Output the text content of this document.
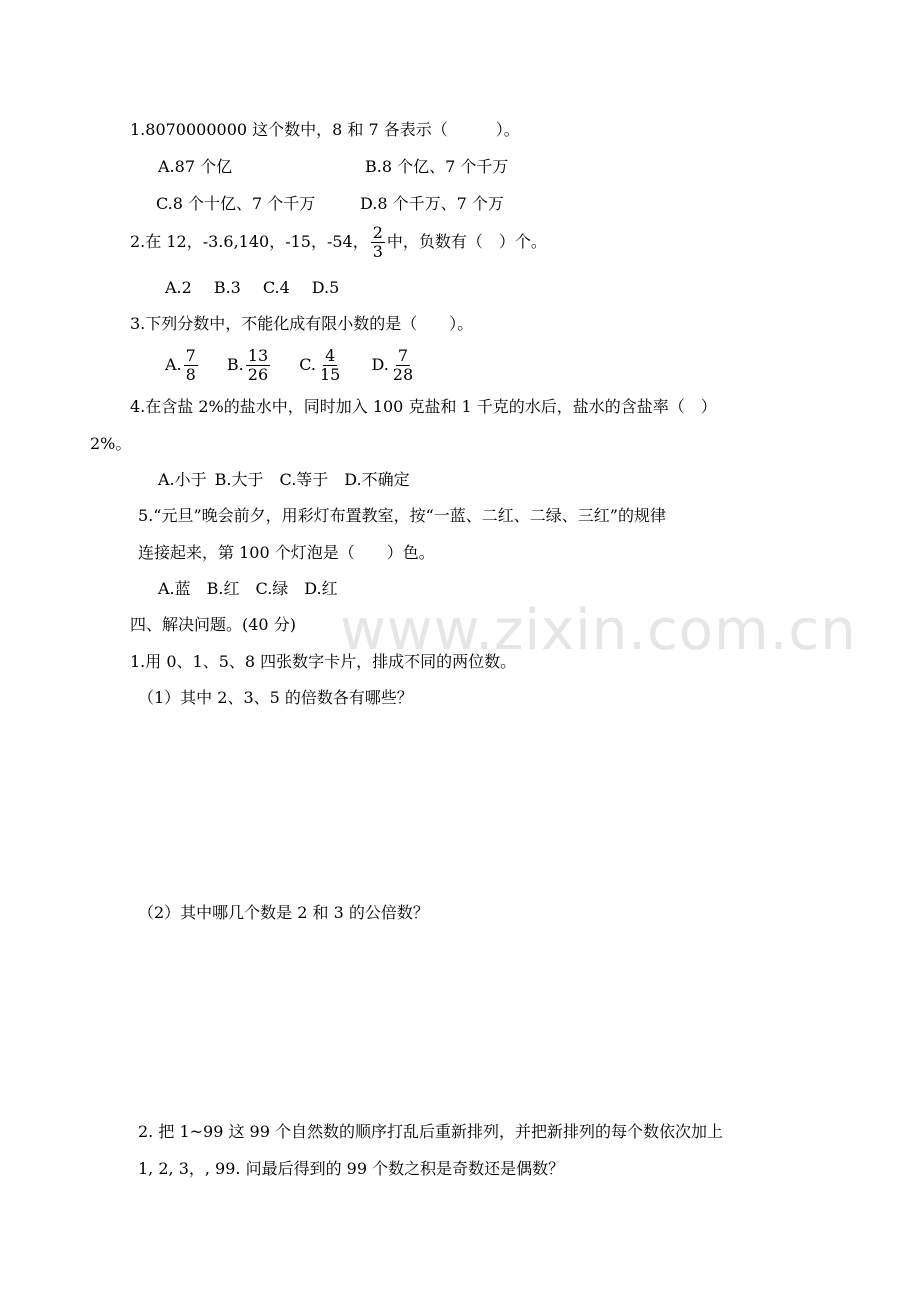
1.8070000000 这个数中，8 和 7 各表示（　　　）。
A.87 个亿	B.8 个亿、7 个千万
C.8 个十亿、7 个千万	D.8 个千万、7 个万
2.在 12，-3.6,140，-15，-54， $\frac{2}{3}$ 中，负数有（　）个。
A.2 B.3 C.4 D.5
3.下列分数中，不能化成有限小数的是（　　）。
A. $\frac{7}{8} B$. $\frac{13}{26} C$. $\frac{4}{15} D$. $\frac{7}{28}$
4.在含盐 2%的盐水中，同时加入 100 克盐和 1 千克的水后，盐水的含盐率（　）
2%。
A.小于 B.大于 C.等于 D.不确定
5.“元旦”晚会前夕，用彩灯布置教室，按“一蓝、二红、二绿、三红”的规律
连接起来，第 100 个灯泡是（　　）色。
A.蓝 B.红 C.绿 D.红
四、解决问题。(40 分)
1.用 0、1、5、8 四张数字卡片，排成不同的两位数。
（1）其中 2、3、5 的倍数各有哪些？
（2）其中哪几个数是 2 和 3 的公倍数？
2. 把 1~99 这 99 个自然数的顺序打乱后重新排列，并把新排列的每个数依次加上
1, 2, 3，, 99. 问最后得到的 99 个数之积是奇数还是偶数？
www.zixin.com.cn
